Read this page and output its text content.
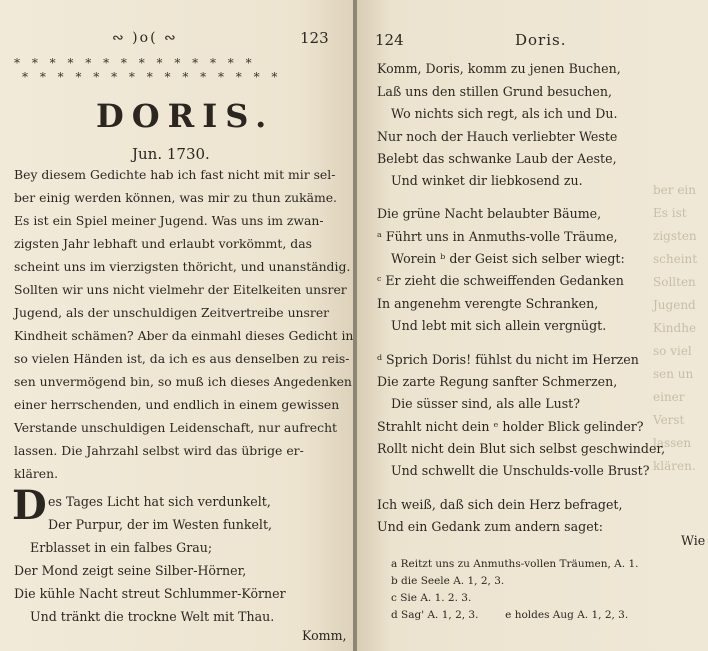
∾ )o( ∾	123
* * * * * * * * * * * * * *
* * * * * * * * * * * * * * *
DORIS.
Jun. 1730.
Bey diesem Gedichte hab ich fast nicht mit mir sel-
ber einig werden können, was mir zu thun zukäme.
Es ist ein Spiel meiner Jugend. Was uns im zwan-
zigsten Jahr lebhaft und erlaubt vorkömmt, das
scheint uns im vierzigsten thöricht, und unanständig.
Sollten wir uns nicht vielmehr der Eitelkeiten unsrer
Jugend, als der unschuldigen Zeitvertreibe unsrer
Kindheit schämen? Aber da einmahl dieses Gedicht in
so vielen Händen ist, da ich es aus denselben zu reis-
sen unvermögend bin, so muß ich dieses Angedenken
einer herrschenden, und endlich in einem gewissen
Verstande unschuldigen Leidenschaft, nur aufrecht
lassen. Die Jahrzahl selbst wird das übrige er-
klären.
D es Tages Licht hat sich verdunkelt,
Der Purpur, der im Westen funkelt,
Erblasset in ein falbes Grau;
Der Mond zeigt seine Silber-Hörner,
Die kühle Nacht streut Schlummer-Körner
Und tränkt die trockne Welt mit Thau.
Komm,
ber ein
Es ist
zigsten
scheint
Sollten
Jugend
Kindhe
so viel
sen un
einer
Verst
lassen
klären.
124	Doris.
Komm, Doris, komm zu jenen Buchen,
Laß uns den stillen Grund besuchen,
Wo nichts sich regt, als ich und Du.
Nur noch der Hauch verliebter Weste
Belebt das schwanke Laub der Aeste,
Und winket dir liebkosend zu.
Die grüne Nacht belaubter Bäume,
ᵃ Führt uns in Anmuths-volle Träume,
Worein ᵇ der Geist sich selber wiegt:
ᶜ Er zieht die schweiffenden Gedanken
In angenehm verengte Schranken,
Und lebt mit sich allein vergnügt.
ᵈ Sprich Doris! fühlst du nicht im Herzen
Die zarte Regung sanfter Schmerzen,
Die süsser sind, als alle Lust?
Strahlt nicht dein ᵉ holder Blick gelinder?
Rollt nicht dein Blut sich selbst geschwinder,
Und schwellt die Unschulds-volle Brust?
Ich weiß, daß sich dein Herz befraget,
Und ein Gedank zum andern saget:
Wie
a Reitzt uns zu Anmuths-vollen Träumen, A. 1.
b die Seele A. 1, 2, 3.
c Sie A. 1. 2. 3.
d Sag' A. 1, 2, 3.        e holdes Aug A. 1, 2, 3.
